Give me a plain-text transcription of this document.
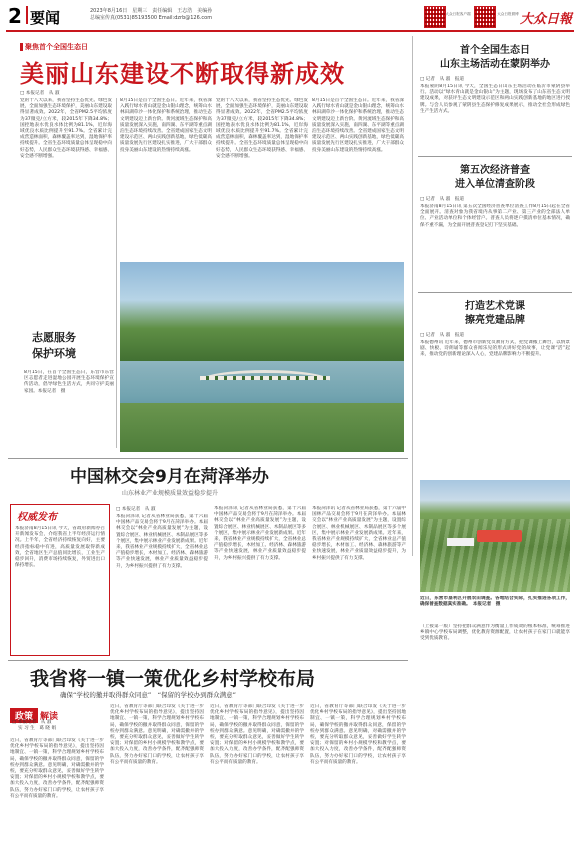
2 要闻	2023年8月16日　星期三　责任编辑　王志浩　美编孙
总编室传真(0531)85193500 Email:dzrb@126.com
大众日报客户端	大众日报微博 大众日報
聚焦首个全国生态日
美丽山东建设不断取得新成效
□ 本报记者　从 淑
党的十八大以来，我省坚持生态优先、绿色发展，全面加强生态环境保护，美丽山东建设取得显著成效。2022年，全省PM2.5平均浓度为37微克/立方米，较2015年下降34.8%；国控地表水优良水体比例为81.1%，近岸海域优良水质比例提升至91.7%。全省累计完成营造林面积，森林覆盖率达到，湿地保护率持续提升。全省生态环境质量总体呈现稳中向好态势，人民群众生态环境获得感、幸福感、安全感不断增强。
8月15日是首个全国生态日。近年来，我省深入践行绿水青山就是金山银山理念，统筹山水林田湖草沙一体化保护和系统治理，推动生态文明建设迈上新台阶。黄河流域生态保护和高质量发展深入实施，南四湖、东平湖等重点湖泊生态环境持续改善。全省建成国家生态文明建设示范区、两山实践创新基地，绿色低碳高质量发展先行区建设扎实推进，广大干部群众投身美丽山东建设的热情持续高涨。
党的十八大以来，我省坚持生态优先、绿色发展，全面加强生态环境保护，美丽山东建设取得显著成效。2022年，全省PM2.5平均浓度为37微克/立方米，较2015年下降34.8%；国控地表水优良水体比例为81.1%，近岸海域优良水质比例提升至91.7%。全省累计完成营造林面积，森林覆盖率达到，湿地保护率持续提升。全省生态环境质量总体呈现稳中向好态势，人民群众生态环境获得感、幸福感、安全感不断增强。
8月15日是首个全国生态日。近年来，我省深入践行绿水青山就是金山银山理念，统筹山水林田湖草沙一体化保护和系统治理，推动生态文明建设迈上新台阶。黄河流域生态保护和高质量发展深入实施，南四湖、东平湖等重点湖泊生态环境持续改善。全省建成国家生态文明建设示范区、两山实践创新基地，绿色低碳高质量发展先行区建设扎实推进，广大干部群众投身美丽山东建设的热情持续高涨。
志愿服务
保护环境
8月15日，在首个全国生态日，东营市东营区志愿者走进湿地公园开展生态环境保护宣传活动，倡导绿色生活方式，共同守护美丽家园。本报记者　摄
首个全国生态日
山东主场活动在蒙阴举办
□ 记者　从 淑　报道
本报蒙阴8月15日讯 今天，全国生态日山东主场活动在临沂市蒙阴县举行。活动以“绿水青山就是金山银山”为主题，现场发布了山东省生态文明建设成果，对获评生态文明建设示范区和两山实践创新基地的地区进行授牌。与会人员参观了蒙阴县生态保护修复成果展示，推动全社会形成绿色生产生活方式。
第五次经济普查
进入单位清查阶段
□ 记者　从 淑　报道
本报济南8月15日讯 第五次全国经济普查单位清查工作8月15日起在全省全面展开。清查对象为我省境内从事第二产业、第三产业的全部法人单位、产业活动单位和个体经营户。普查人员将逐户摸清单位基本情况，确保不重不漏，为全面开展普查登记打下坚实基础。
打造艺术党课
擦亮党建品牌
□ 记者　从 淑　报道
本报德州讯 近年来，德州市创新党员教育方式，把党课搬上舞台，以情景剧、快板、诗朗诵等群众喜闻乐见的形式讲好党的故事，让党课“活”起来，推动党的创新理论深入人心，党建品牌影响力不断提升。
近日，东营市垦利区开展农田调查。各地结合实际，扎实推进各项工作，确保普查数据真实准确。　本报记者　摄
（上接第一版）坚持把群众满意作为衡量工作成效的根本标准，统筹推进乡镇中心学校布局调整，优化教育资源配置，让农村孩子在家门口就能享受到优质教育。
中国林交会9月在菏泽举办
山东林业产业规模质量效益稳步提升
权威发布
本报济南8月15日讯 今天，省政府新闻办召开新闻发布会，介绍我省上半年经济运行情况。上半年，全省经济持续恢复向好，主要经济指标稳中有进，高质量发展取得新成效，全省地区生产总值同比增长，工业生产稳步回升，消费市场持续恢复，外贸进出口保持增长。
□ 本报记者　从 淑
本报菏泽讯 记者从省林业局获悉，第十六届中国林产品交易会将于9月在菏泽举办。本届林交会以“林业产业高质量发展”为主题，设置综合展区、林业机械展区、木制品展区等多个展区，集中展示林业产业发展新成果。近年来，我省林业产业规模持续扩大，全省林业总产值稳步增长，木材加工、经济林、森林旅游等产业快速发展，林业产业质量效益稳步提升，为乡村振兴提供了有力支撑。
本报菏泽讯 记者从省林业局获悉，第十六届中国林产品交易会将于9月在菏泽举办。本届林交会以“林业产业高质量发展”为主题，设置综合展区、林业机械展区、木制品展区等多个展区，集中展示林业产业发展新成果。近年来，我省林业产业规模持续扩大，全省林业总产值稳步增长，木材加工、经济林、森林旅游等产业快速发展，林业产业质量效益稳步提升，为乡村振兴提供了有力支撑。
本报菏泽讯 记者从省林业局获悉，第十六届中国林产品交易会将于9月在菏泽举办。本届林交会以“林业产业高质量发展”为主题，设置综合展区、林业机械展区、木制品展区等多个展区，集中展示林业产业发展新成果。近年来，我省林业产业规模持续扩大，全省林业总产值稳步增长，木材加工、经济林、森林旅游等产业快速发展，林业产业质量效益稳步提升，为乡村振兴提供了有力支撑。
我省将一镇一策优化乡村学校布局
确保“学校的撤并取得群众同意”　“保留的学校办到群众满意”
政策 解读
□ 本报记者　从 淑
　 实 习 生　葛 晓 娟
近日，省教育厅等部门联合印发《关于进一步优化乡村学校布局的指导意见》，提出坚持因地制宜、一镇一策，科学合理规划乡村学校布局，确保学校的撤并取得群众同意，保留的学校办到群众满意。意见明确，对确需撤并的学校，要充分听取群众意见，妥善做好学生转学安置；对保留的乡村小规模学校和教学点，要加大投入力度，改善办学条件，配齐配强师资队伍，努力办好家门口的学校，让农村孩子享有公平而有质量的教育。
近日，省教育厅等部门联合印发《关于进一步优化乡村学校布局的指导意见》，提出坚持因地制宜、一镇一策，科学合理规划乡村学校布局，确保学校的撤并取得群众同意，保留的学校办到群众满意。意见明确，对确需撤并的学校，要充分听取群众意见，妥善做好学生转学安置；对保留的乡村小规模学校和教学点，要加大投入力度，改善办学条件，配齐配强师资队伍，努力办好家门口的学校，让农村孩子享有公平而有质量的教育。
近日，省教育厅等部门联合印发《关于进一步优化乡村学校布局的指导意见》，提出坚持因地制宜、一镇一策，科学合理规划乡村学校布局，确保学校的撤并取得群众同意，保留的学校办到群众满意。意见明确，对确需撤并的学校，要充分听取群众意见，妥善做好学生转学安置；对保留的乡村小规模学校和教学点，要加大投入力度，改善办学条件，配齐配强师资队伍，努力办好家门口的学校，让农村孩子享有公平而有质量的教育。
近日，省教育厅等部门联合印发《关于进一步优化乡村学校布局的指导意见》，提出坚持因地制宜、一镇一策，科学合理规划乡村学校布局，确保学校的撤并取得群众同意，保留的学校办到群众满意。意见明确，对确需撤并的学校，要充分听取群众意见，妥善做好学生转学安置；对保留的乡村小规模学校和教学点，要加大投入力度，改善办学条件，配齐配强师资队伍，努力办好家门口的学校，让农村孩子享有公平而有质量的教育。
